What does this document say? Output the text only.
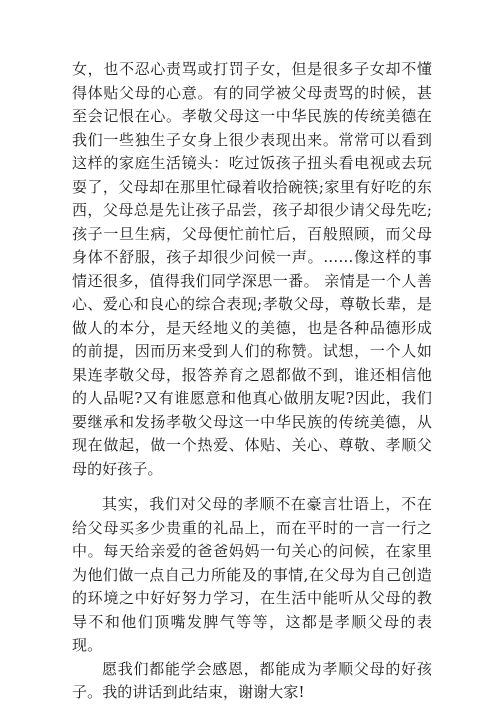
女，也不忍心责骂或打罚子女，但是很多子女却不懂得体贴父母的心意。有的同学被父母责骂的时候，甚至会记恨在心。孝敬父母这一中华民族的传统美德在我们一些独生子女身上很少表现出来。常常可以看到这样的家庭生活镜头：吃过饭孩子扭头看电视或去玩耍了，父母却在那里忙碌着收拾碗筷;家里有好吃的东西，父母总是先让孩子品尝，孩子却很少请父母先吃;孩子一旦生病，父母便忙前忙后，百般照顾，而父母身体不舒服，孩子却很少问候一声。……像这样的事情还很多，值得我们同学深思一番。 亲情是一个人善心、爱心和良心的综合表现;孝敬父母，尊敬长辈，是做人的本分，是天经地义的美德，也是各种品德形成的前提，因而历来受到人们的称赞。试想，一个人如果连孝敬父母，报答养育之恩都做不到，谁还相信他的人品呢?又有谁愿意和他真心做朋友呢?因此，我们要继承和发扬孝敬父母这一中华民族的传统美德，从现在做起，做一个热爱、体贴、关心、尊敬、孝顺父母的好孩子。

其实，我们对父母的孝顺不在豪言壮语上，不在给父母买多少贵重的礼品上，而在平时的一言一行之中。每天给亲爱的爸爸妈妈一句关心的问候，在家里为他们做一点自己力所能及的事情,在父母为自己创造的环境之中好好努力学习，在生活中能听从父母的教导不和他们顶嘴发脾气等等，这都是孝顺父母的表现。

愿我们都能学会感恩，都能成为孝顺父母的好孩子。我的讲话到此结束，谢谢大家!
